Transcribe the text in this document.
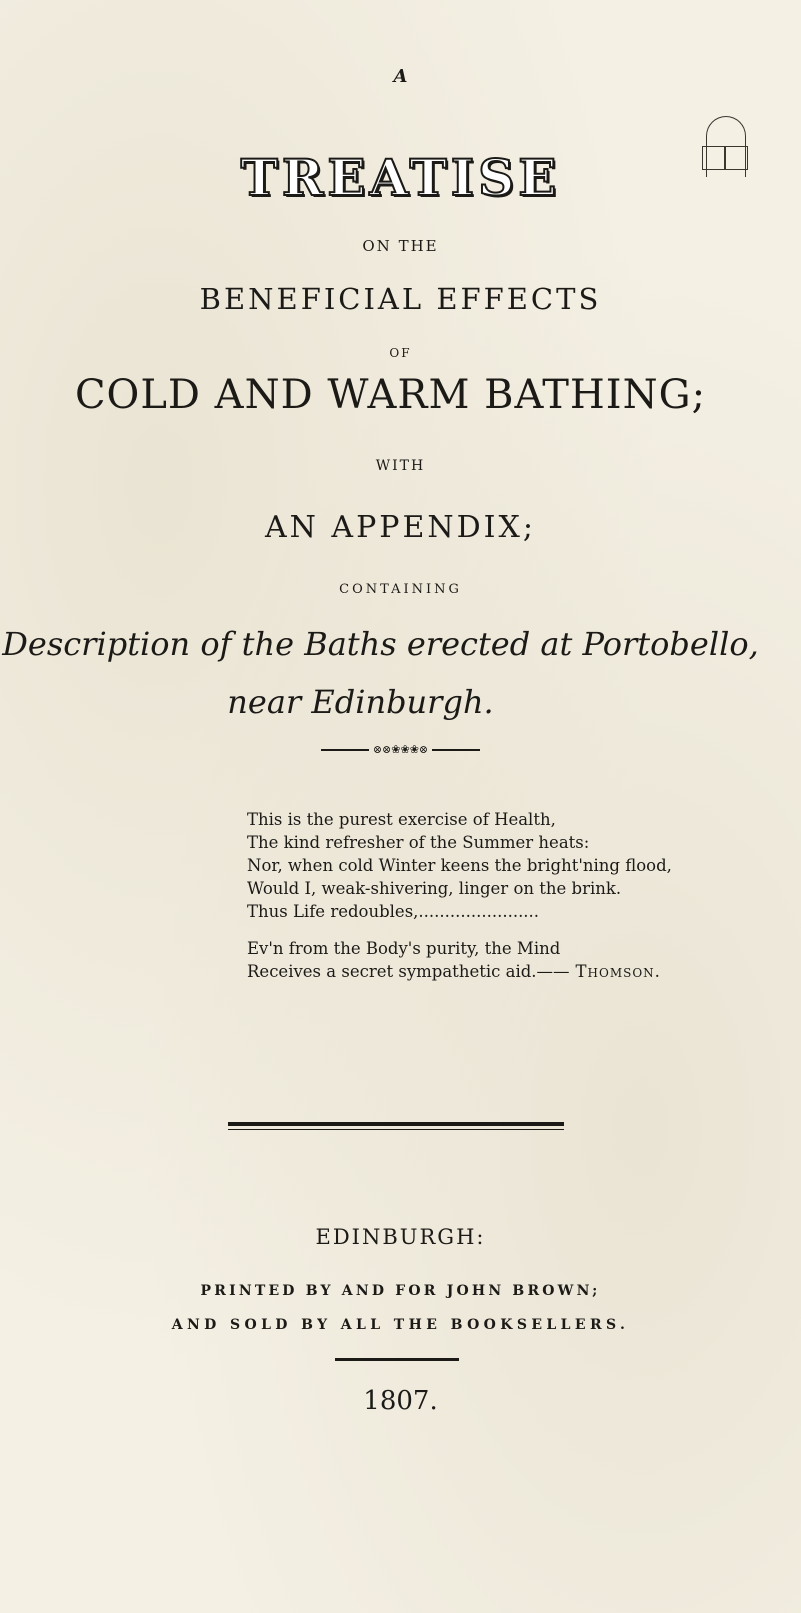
A
TREATISE
ON THE
BENEFICIAL EFFECTS
OF
COLD AND WARM BATHING;
WITH
AN APPENDIX;
CONTAINING
Description of the Baths erected at Portobello,
near Edinburgh.
⊗⊗❀❀❀⊗
This is the purest exercise of Health,
The kind refresher of the Summer heats:
Nor, when cold Winter keens the bright'ning flood,
Would I, weak-shivering, linger on the brink.
Thus Life redoubles,.......................
Ev'n from the Body's purity, the Mind
Receives a secret sympathetic aid.—— Thomson.
EDINBURGH:
PRINTED BY AND FOR JOHN BROWN;
AND SOLD BY ALL THE BOOKSELLERS.
1807.
